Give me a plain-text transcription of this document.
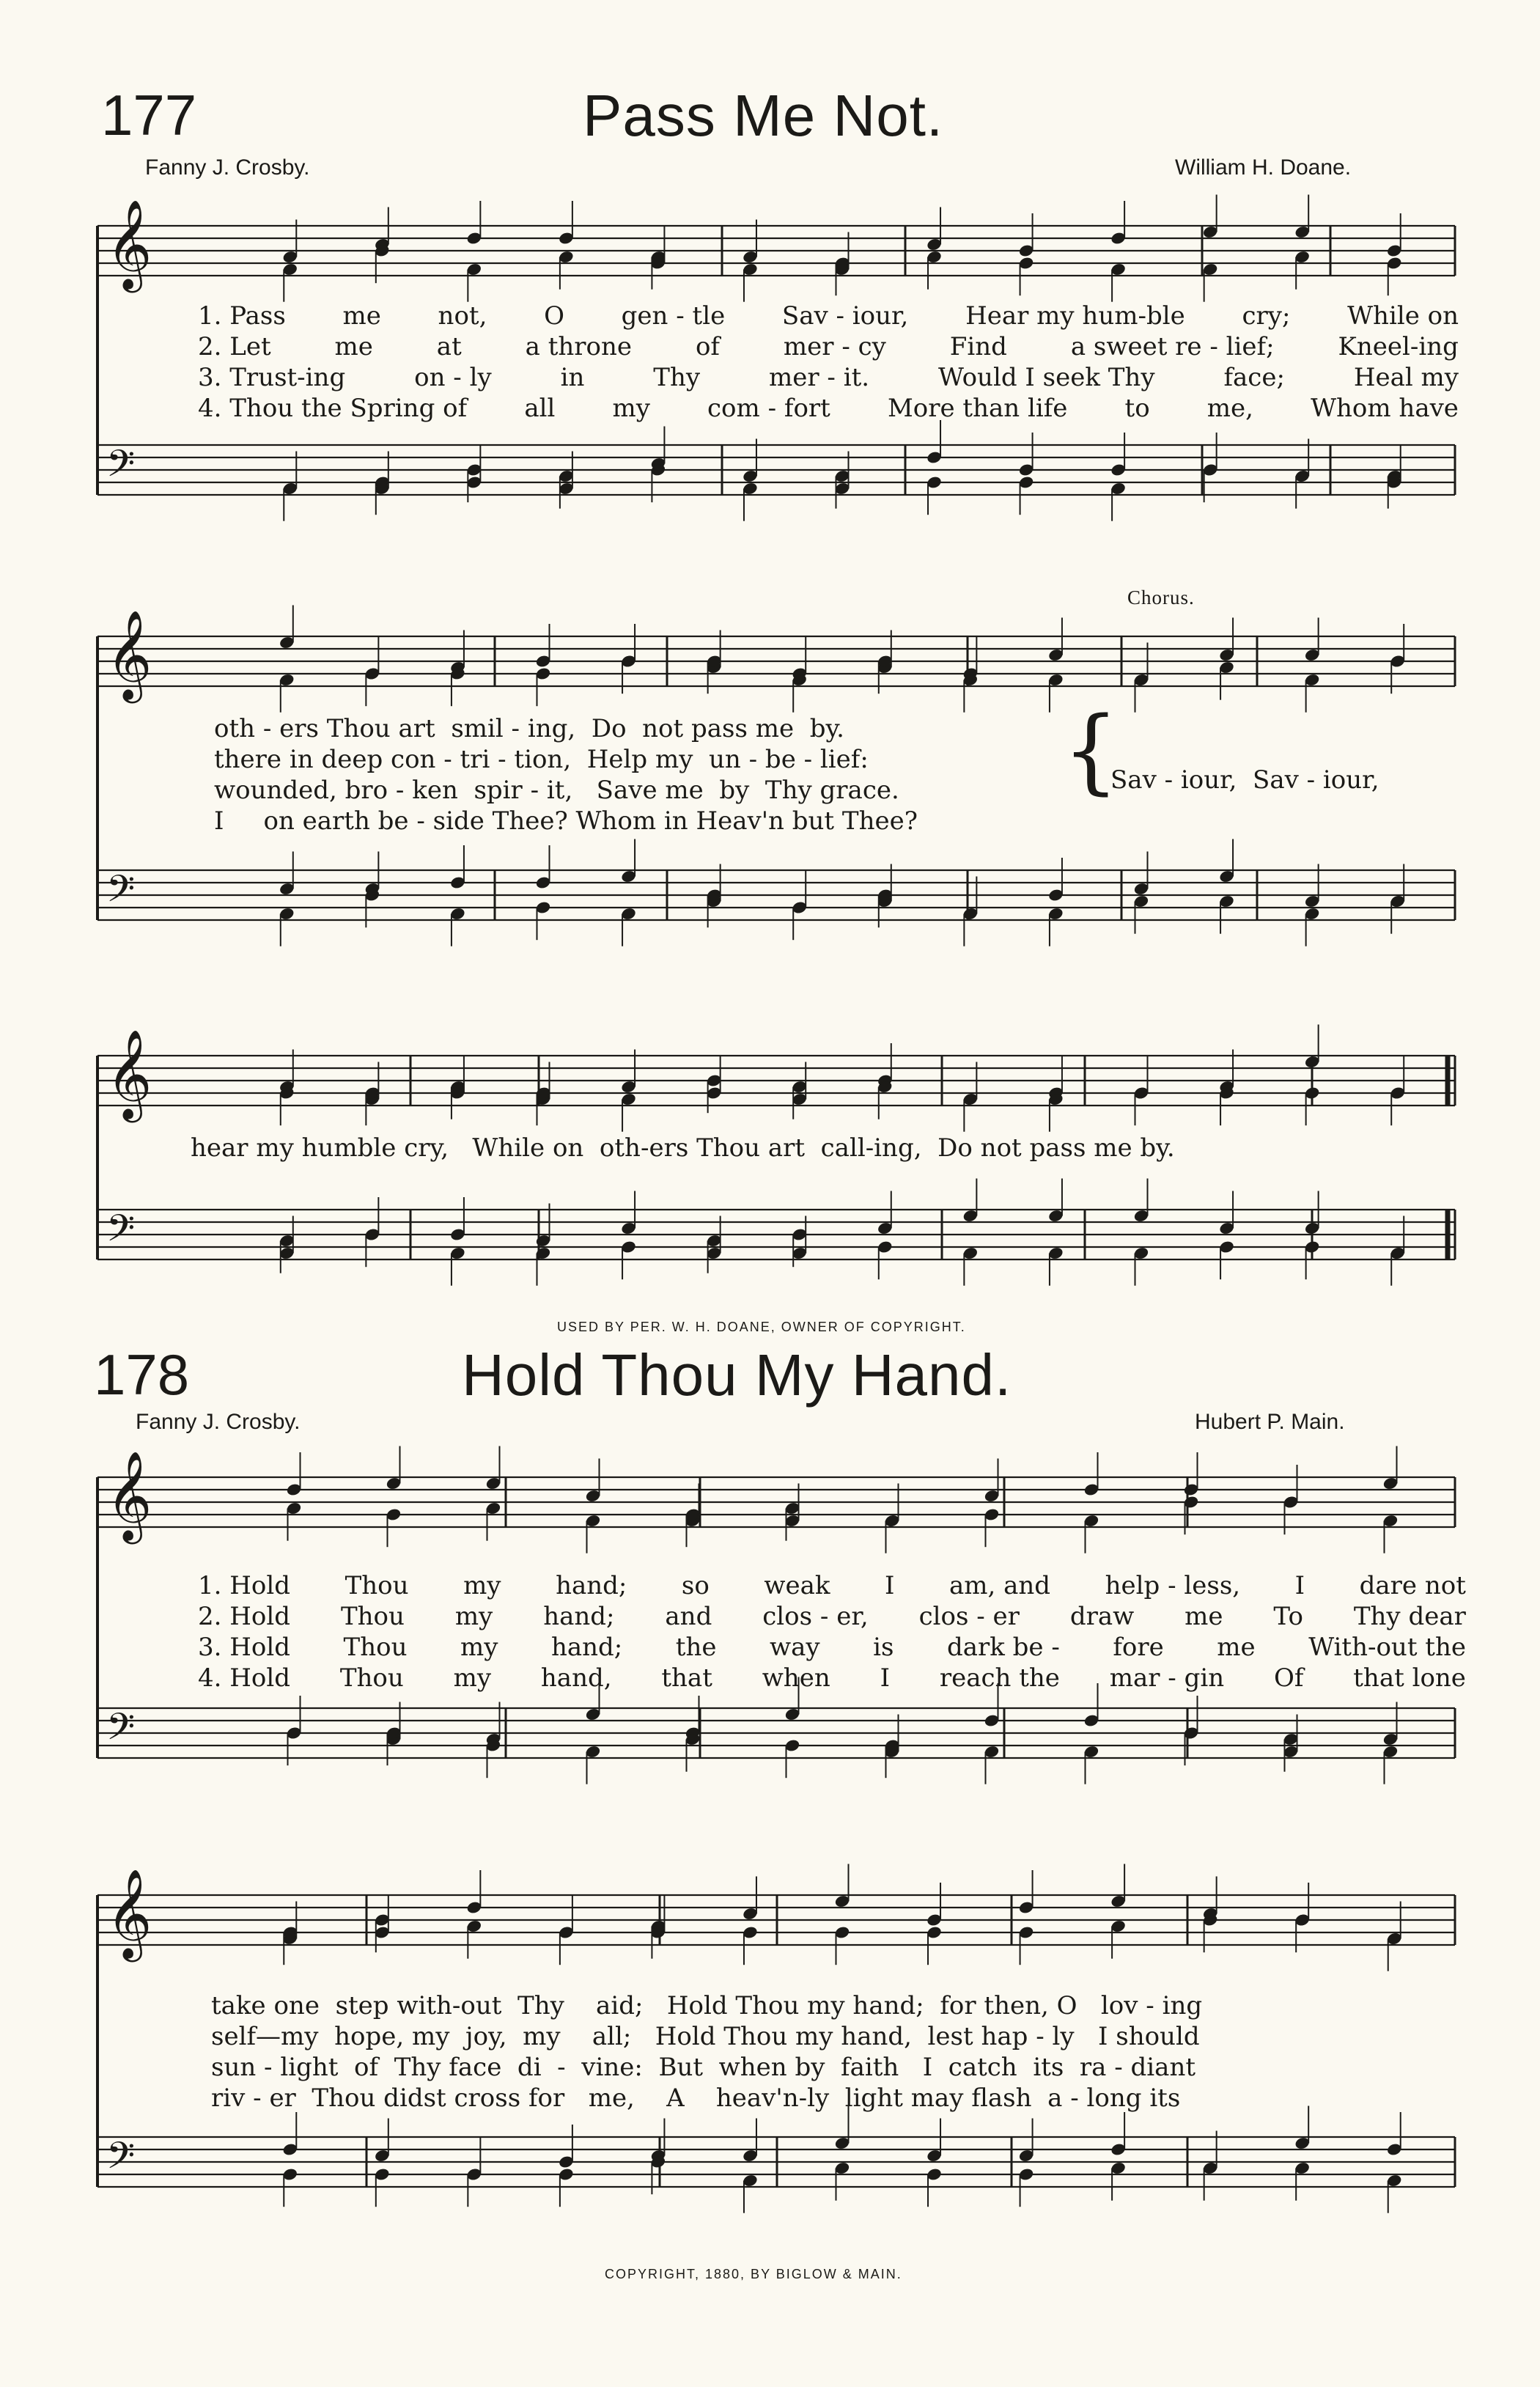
𝄞
𝄢
𝄞
𝄢
𝄞
𝄢
𝄞
𝄢
𝄞
𝄢
177	Pass Me Not.
Fanny J. Crosby.	William H. Doane.
1. Pass me not, O gen - tle Sav - iour, Hear my hum-ble cry; While on
2. Let	me	at	a throne	of	mer - cy	Find	a sweet re - lief;	Kneel-ing
3. Trust-ing	on - ly	in	Thy	mer - it.	Would I seek Thy	face;	Heal my
4. Thou the Spring of all my com - fort More than life to me, Whom have
Chorus.
oth - ers Thou art  smil - ing,  Do  not pass me  by.
there in deep con - tri - tion,  Help my  un - be - lief:
wounded, bro - ken  spir - it,   Save me  by  Thy grace.
I     on earth be - side Thee? Whom in Heav'n but Thee?
{
Sav - iour,  Sav - iour,
hear my humble cry,   While on  oth-ers Thou art  call-ing,  Do not pass me by.
USED BY PER. W. H. DOANE, OWNER OF COPYRIGHT.
178	Hold Thou My Hand.
Fanny J. Crosby.	Hubert P. Main.
1. Hold Thou my hand; so weak I am, and help - less, I dare not
2. Hold Thou my hand; and clos - er, clos - er draw me To Thy dear
3. Hold Thou my hand; the way is dark be - fore me With-out the
4. Hold Thou my hand, that when I reach the mar - gin Of that lone
take one  step with-out  Thy    aid;   Hold Thou my hand;  for then, O   lov - ing
self—my  hope, my  joy,  my    all;   Hold Thou my hand,  lest hap - ly   I should
sun - light  of  Thy face  di  -  vine:  But  when by  faith   I  catch  its  ra - diant
riv - er  Thou didst cross for   me,    A    heav'n-ly  light may flash  a - long its
COPYRIGHT, 1880, BY BIGLOW & MAIN.
